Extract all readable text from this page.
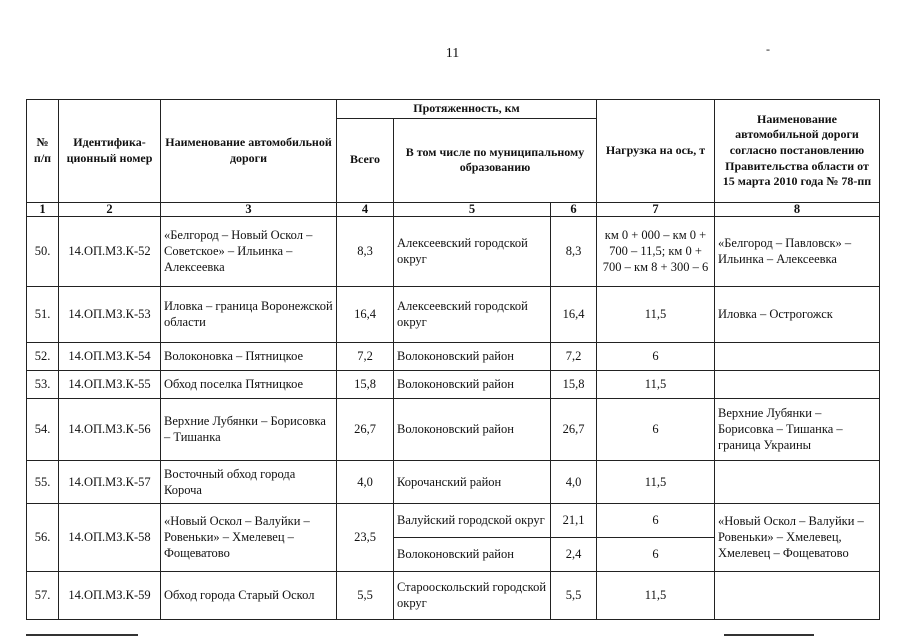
11	-
№ п/п	Идентифика-ционный номер	Наименование автомобильной дороги	Протяженность, км			Нагрузка на ось, т	Наименование автомобильной дороги согласно постановлению Правительства области от 15 марта 2010 года № 78-пп
			Всего	В том числе по муниципальному образованию			
1	2	3	4	5	6	7	8
50.	14.ОП.МЗ.К-52	«Белгород – Новый Оскол – Советское» – Ильинка – Алексеевка	8,3	Алексеевский городской округ	8,3	км 0 + 000 – км 0 + 700 – 11,5; км 0 + 700 – км 8 + 300 – 6	«Белгород – Павловск» – Ильинка – Алексеевка
51.	14.ОП.МЗ.К-53	Иловка – граница Воронежской области	16,4	Алексеевский городской округ	16,4	11,5	Иловка – Острогожск
52.	14.ОП.МЗ.К-54	Волоконовка – Пятницкое	7,2	Волоконовский район	7,2	6	
53.	14.ОП.МЗ.К-55	Обход поселка Пятницкое	15,8	Волоконовский район	15,8	11,5	
54.	14.ОП.МЗ.К-56	Верхние Лубянки – Борисовка – Тишанка	26,7	Волоконовский район	26,7	6	Верхние Лубянки – Борисовка – Тишанка – граница Украины
55.	14.ОП.МЗ.К-57	Восточный обход города Короча	4,0	Корочанский район	4,0	11,5	
56.	14.ОП.МЗ.К-58	«Новый Оскол – Валуйки – Ровеньки» – Хмелевец – Фощеватово	23,5	Валуйский городской округ	21,1	6	«Новый Оскол – Валуйки – Ровеньки» – Хмелевец, Хмелевец – Фощеватово
				Волоконовский район	2,4	6	
57.	14.ОП.МЗ.К-59	Обход города Старый Оскол	5,5	Старооскольский городской округ	5,5	11,5	
